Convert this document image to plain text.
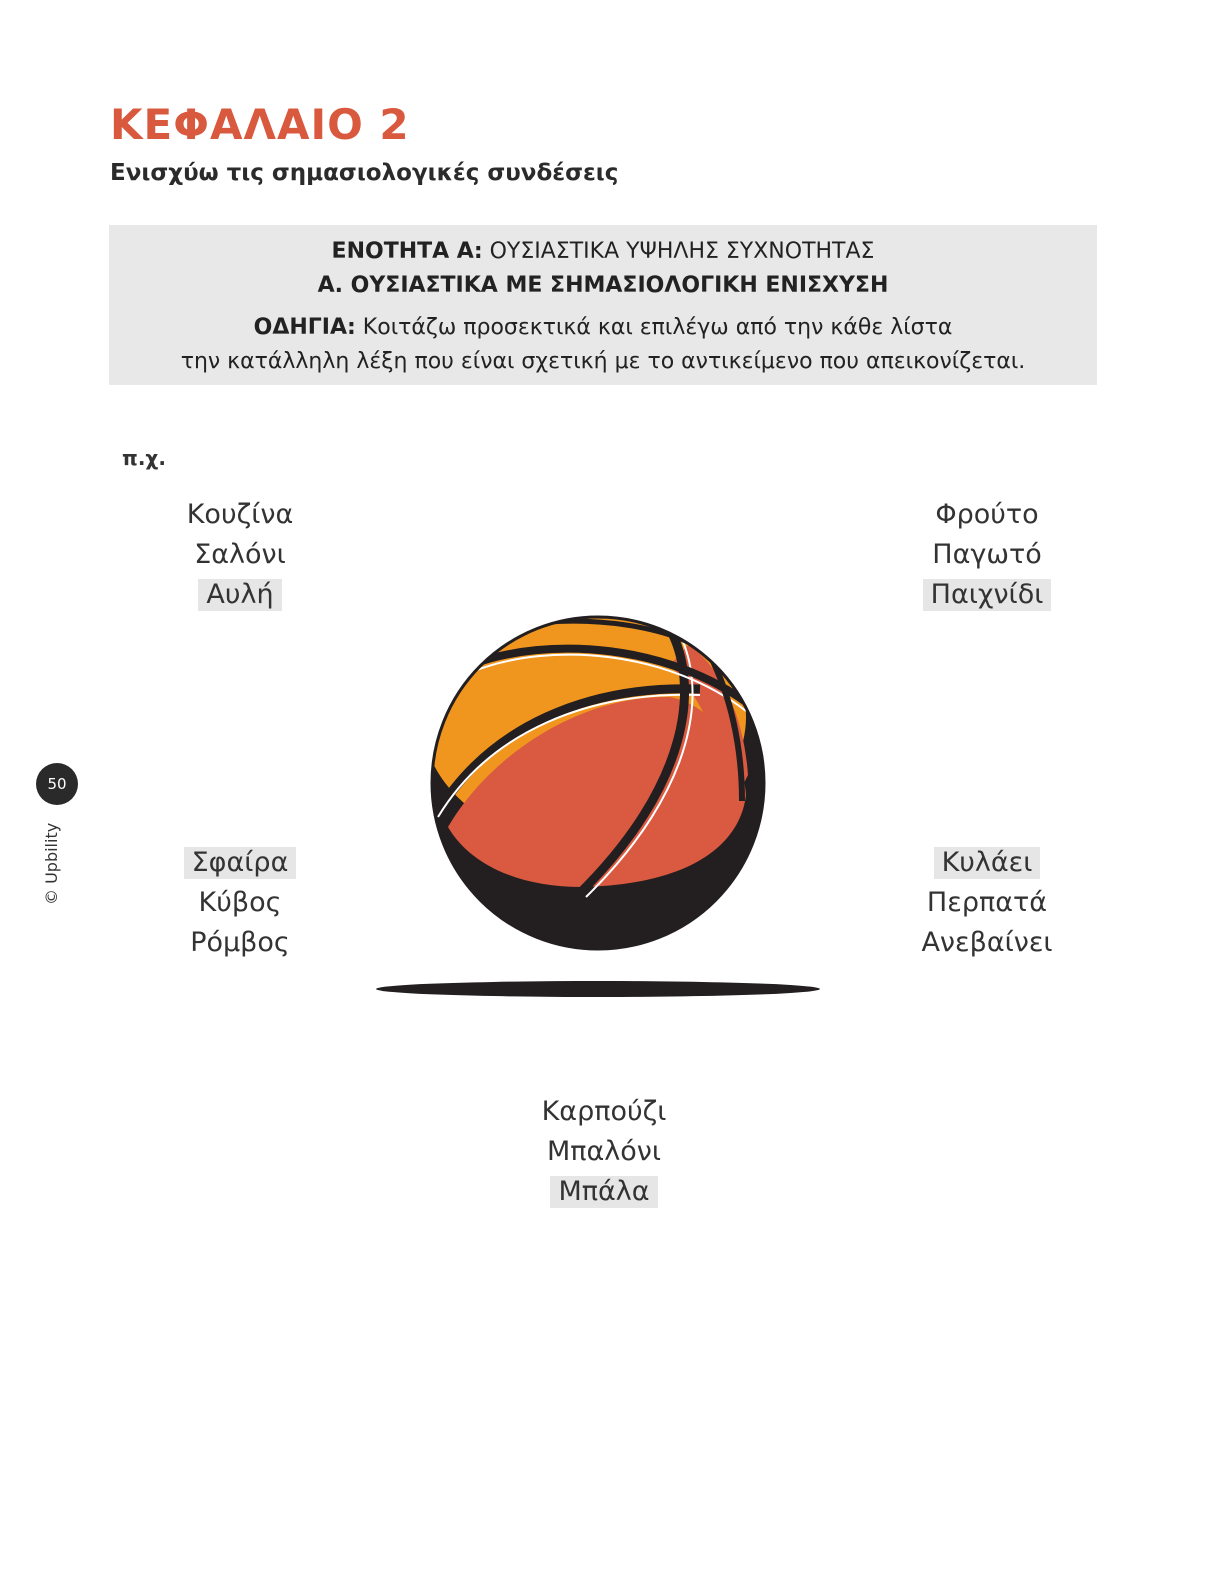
ΚΕΦΑΛΑΙΟ 2
Ενισχύω τις σημασιολογικές συνδέσεις
ΕΝΟΤΗΤΑ Α: ΟΥΣΙΑΣΤΙΚΑ ΥΨΗΛΗΣ ΣΥΧΝΟΤΗΤΑΣ
Α. ΟΥΣΙΑΣΤΙΚΑ ΜΕ ΣΗΜΑΣΙΟΛΟΓΙΚΗ ΕΝΙΣΧΥΣΗ
ΟΔΗΓΙΑ: Κοιτάζω προσεκτικά και επιλέγω από την κάθε λίστα
την κατάλληλη λέξη που είναι σχετική με το αντικείμενο που απεικονίζεται.
π.χ.
Κουζίνα
Σαλόνι
Αυλή
Φρούτο
Παγωτό
Παιχνίδι
Σφαίρα
Κύβος
Ρόμβος
Κυλάει
Περπατά
Ανεβαίνει
Καρπούζι
Μπαλόνι
Μπάλα
50
© Upbility
